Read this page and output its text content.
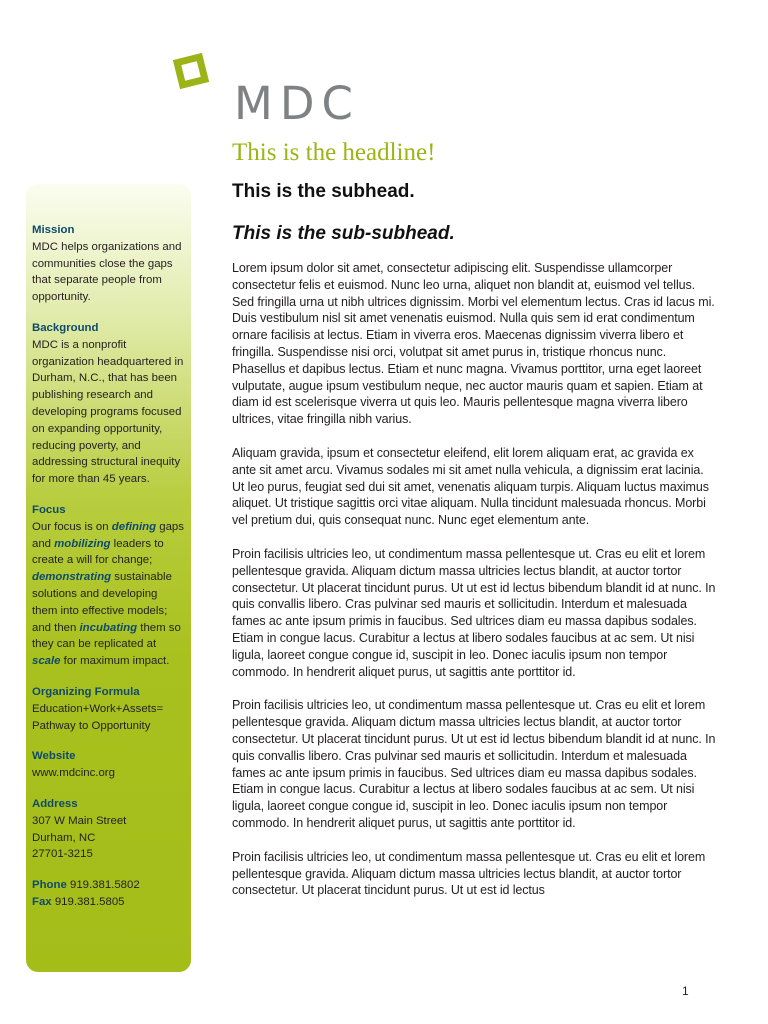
MDC
This is the headline!
This is the subhead.
This is the sub-subhead.

Lorem ipsum dolor sit amet, consectetur adipiscing elit. Suspendisse ullamcorper consectetur felis et euismod. Nunc leo urna, aliquet non blandit at, euismod vel tellus. Sed fringilla urna ut nibh ultrices dignissim. Morbi vel elementum lectus. Cras id lacus mi. Duis vestibulum nisl sit amet venenatis euismod. Nulla quis sem id erat condimentum ornare facilisis at lectus. Etiam in viverra eros. Maecenas dignissim viverra libero et fringilla. Suspendisse nisi orci, volutpat sit amet purus in, tristique rhoncus nunc. Phasellus et dapibus lectus. Etiam et nunc magna. Vivamus porttitor, urna eget laoreet vulputate, augue ipsum vestibulum neque, nec auctor mauris quam et sapien. Etiam at diam id est scelerisque viverra ut quis leo. Mauris pellentesque magna viverra libero ultrices, vitae fringilla nibh varius.

Aliquam gravida, ipsum et consectetur eleifend, elit lorem aliquam erat, ac gravida ex ante sit amet arcu. Vivamus sodales mi sit amet nulla vehicula, a dignissim erat lacinia. Ut leo purus, feugiat sed dui sit amet, venenatis aliquam turpis. Aliquam luctus maximus aliquet. Ut tristique sagittis orci vitae aliquam. Nulla tincidunt malesuada rhoncus. Morbi vel pretium dui, quis consequat nunc. Nunc eget elementum ante.

Proin facilisis ultricies leo, ut condimentum massa pellentesque ut. Cras eu elit et lorem pellentesque gravida. Aliquam dictum massa ultricies lectus blandit, at auctor tortor consectetur. Ut placerat tincidunt purus. Ut ut est id lectus bibendum blandit id at nunc. In quis convallis libero. Cras pulvinar sed mauris et sollicitudin. Interdum et malesuada fames ac ante ipsum primis in faucibus. Sed ultrices diam eu massa dapibus sodales. Etiam in congue lacus. Curabitur a lectus at libero sodales faucibus at ac sem. Ut nisi ligula, laoreet congue congue id, suscipit in leo. Donec iaculis ipsum non tempor commodo. In hendrerit aliquet purus, ut sagittis ante porttitor id.

Proin facilisis ultricies leo, ut condimentum massa pellentesque ut. Cras eu elit et lorem pellentesque gravida. Aliquam dictum massa ultricies lectus blandit, at auctor tortor consectetur. Ut placerat tincidunt purus. Ut ut est id lectus bibendum blandit id at nunc. In quis convallis libero. Cras pulvinar sed mauris et sollicitudin. Interdum et malesuada fames ac ante ipsum primis in faucibus. Sed ultrices diam eu massa dapibus sodales. Etiam in congue lacus. Curabitur a lectus at libero sodales faucibus at ac sem. Ut nisi ligula, laoreet congue congue id, suscipit in leo. Donec iaculis ipsum non tempor commodo. In hendrerit aliquet purus, ut sagittis ante porttitor id.

Proin facilisis ultricies leo, ut condimentum massa pellentesque ut. Cras eu elit et lorem pellentesque gravida. Aliquam dictum massa ultricies lectus blandit, at auctor tortor consectetur. Ut placerat tincidunt purus. Ut ut est id lectus

Mission
MDC helps organizations and communities close the gaps that separate people from opportunity.
Background
MDC is a nonprofit organization headquartered in Durham, N.C., that has been publishing research and developing programs focused on expanding opportunity, reducing poverty, and addressing structural inequity for more than 45 years.
Focus
Our focus is on defining gaps and mobilizing leaders to create a will for change; demonstrating sustainable solutions and developing them into effective models; and then incubating them so they can be replicated at scale for maximum impact.
Organizing Formula
Education+Work+Assets=
Pathway to Opportunity
Website
www.mdcinc.org
Address
307 W Main Street
Durham, NC
27701-3215
Phone 919.381.5802
Fax 919.381.5805
1
